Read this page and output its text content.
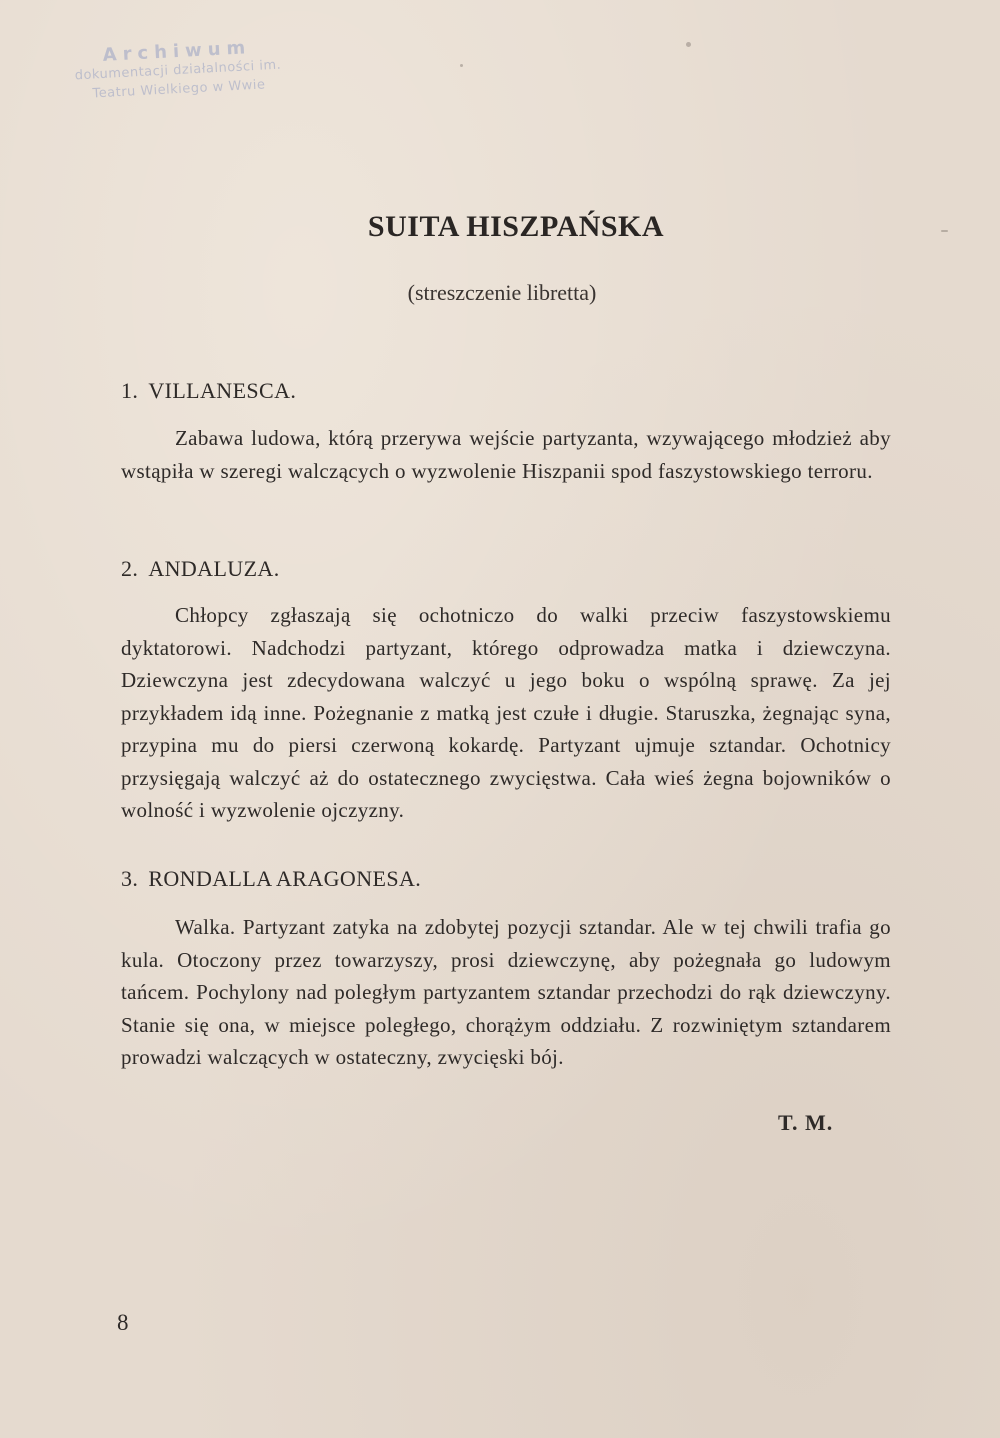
Archiwum
dokumentacji działalności im.
Teatru Wielkiego w Wwie
SUITA HISZPAŃSKA
(streszczenie libretta)
1. VILLANESCA.
Zabawa ludowa, którą przerywa wejście partyzanta, wzywającego młodzież aby wstąpiła w szeregi walczących o wyzwolenie Hiszpanii spod faszystowskiego terroru.
2. ANDALUZA.
Chłopcy zgłaszają się ochotniczo do walki przeciw faszystowskiemu dyktatorowi. Nadchodzi partyzant, którego odprowadza matka i dziewczyna. Dziewczyna jest zdecydowana walczyć u jego boku o wspólną sprawę. Za jej przykładem idą inne. Pożegnanie z matką jest czułe i długie. Staruszka, żegnając syna, przypina mu do piersi czerwoną kokardę. Partyzant ujmuje sztandar. Ochotnicy przysięgają walczyć aż do ostatecznego zwycięstwa. Cała wieś żegna bojowników o wolność i wyzwolenie ojczyzny.
3. RONDALLA ARAGONESA.
Walka. Partyzant zatyka na zdobytej pozycji sztandar. Ale w tej chwili trafia go kula. Otoczony przez towarzyszy, prosi dziewczynę, aby pożegnała go ludowym tańcem. Pochylony nad poległym partyzantem sztandar przechodzi do rąk dziewczyny. Stanie się ona, w miejsce poległego, chorążym oddziału. Z rozwiniętym sztandarem prowadzi walczących w ostateczny, zwycięski bój.
T. M.
8
